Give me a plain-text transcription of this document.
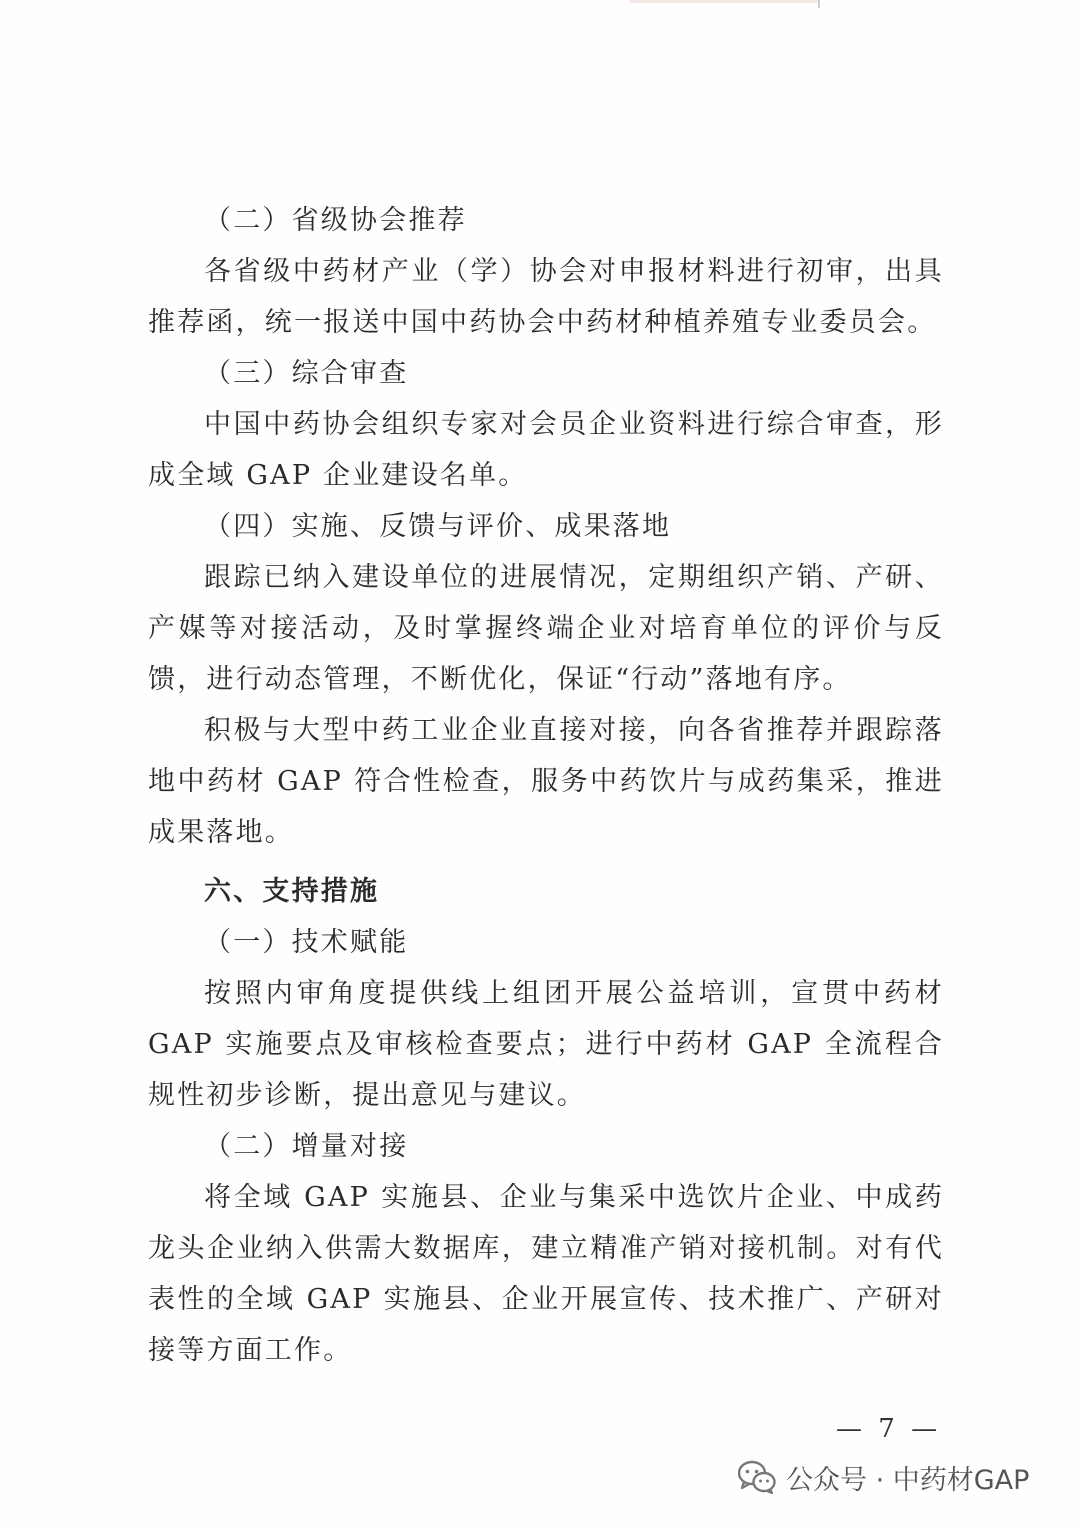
（二）省级协会推荐

各省级中药材产业（学）协会对申报材料进行初审，出具推荐函，统一报送中国中药协会中药材种植养殖专业委员会。

（三）综合审查

中国中药协会组织专家对会员企业资料进行综合审查，形成全域 GAP 企业建设名单。

（四）实施、反馈与评价、成果落地

跟踪已纳入建设单位的进展情况，定期组织产销、产研、产媒等对接活动，及时掌握终端企业对培育单位的评价与反馈，进行动态管理，不断优化，保证“行动”落地有序。

积极与大型中药工业企业直接对接，向各省推荐并跟踪落地中药材 GAP 符合性检查，服务中药饮片与成药集采，推进成果落地。

六、支持措施

（一）技术赋能

按照内审角度提供线上组团开展公益培训，宣贯中药材 GAP 实施要点及审核检查要点；进行中药材 GAP 全流程合规性初步诊断，提出意见与建议。

（二）增量对接

将全域 GAP 实施县、企业与集采中选饮片企业、中成药龙头企业纳入供需大数据库，建立精准产销对接机制。对有代表性的全域 GAP 实施县、企业开展宣传、技术推广、产研对接等方面工作。

— 7 —
公众号 · 中药材GAP
